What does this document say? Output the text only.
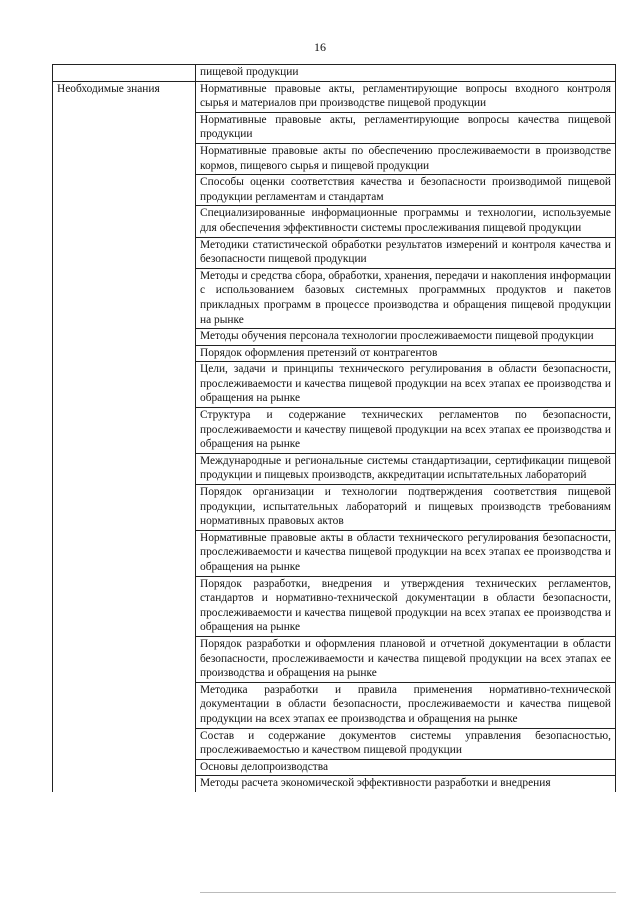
16
	пищевой продукции
Необходимые знания	Нормативные правовые акты, регламентирующие вопросы входного контроля сырья и материалов при производстве пищевой продукции
	Нормативные правовые акты, регламентирующие вопросы качества пищевой продукции
	Нормативные правовые акты по обеспечению прослеживаемости в производстве кормов, пищевого сырья и пищевой продукции
	Способы оценки соответствия качества и безопасности производимой пищевой продукции регламентам и стандартам
	Специализированные информационные программы и технологии, используемые для обеспечения эффективности системы прослеживания пищевой продукции
	Методики статистической обработки результатов измерений и контроля качества и безопасности пищевой продукции
	Методы и средства сбора, обработки, хранения, передачи и накопления информации с использованием базовых системных программных продуктов и пакетов прикладных программ в процессе производства и обращения пищевой продукции на рынке
	Методы обучения персонала технологии прослеживаемости пищевой продукции
	Порядок оформления претензий от контрагентов
	Цели, задачи и принципы технического регулирования в области безопасности, прослеживаемости и качества пищевой продукции на всех этапах ее производства и обращения на рынке
	Структура и содержание технических регламентов по безопасности, прослеживаемости и качеству пищевой продукции на всех этапах ее производства и обращения на рынке
	Международные и региональные системы стандартизации, сертификации пищевой продукции и пищевых производств, аккредитации испытательных лабораторий
	Порядок организации и технологии подтверждения соответствия пищевой продукции, испытательных лабораторий и пищевых производств требованиям нормативных правовых актов
	Нормативные правовые акты в области технического регулирования безопасности, прослеживаемости и качества пищевой продукции на всех этапах ее производства и обращения на рынке
	Порядок разработки, внедрения и утверждения технических регламентов, стандартов и нормативно-технической документации в области безопасности, прослеживаемости и качества пищевой продукции на всех этапах ее производства и обращения на рынке
	Порядок разработки и оформления плановой и отчетной документации в области безопасности, прослеживаемости и качества пищевой продукции на всех этапах ее производства и обращения на рынке
	Методика разработки и правила применения нормативно-технической документации в области безопасности, прослеживаемости и качества пищевой продукции на всех этапах ее производства и обращения на рынке
	Состав и содержание документов системы управления безопасностью, прослеживаемостью и качеством пищевой продукции
	Основы делопроизводства
	Методы расчета экономической эффективности разработки и внедрения
